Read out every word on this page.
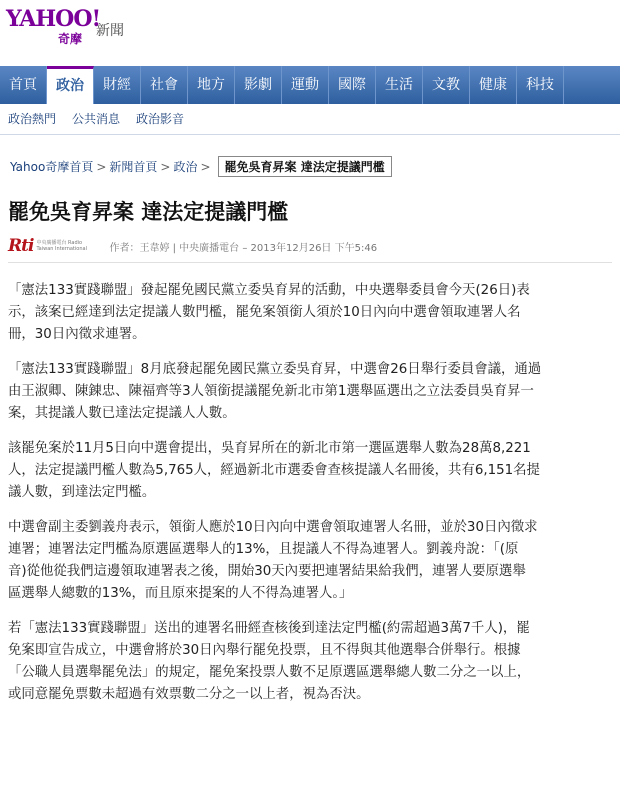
YAHOO!
奇摩 新聞
首頁	政治	財經	社會	地方	影劇	運動	國際	生活	文教	健康	科技
政治熱門	公共消息	政治影音
Yahoo奇摩首頁 > 新聞首頁 > 政治 >	罷免吳育昇案 達法定提議門檻
罷免吳育昇案 達法定提議門檻
Rti 中央廣播電台 Radio Taiwan International	作者：王韋婷 | 中央廣播電台 – 2013年12月26日 下午5:46

「憲法133實踐聯盟」發起罷免國民黨立委吳育昇的活動，中央選舉委員會今天(26日)表
示，該案已經達到法定提議人數門檻，罷免案領銜人須於10日內向中選會領取連署人名
冊，30日內徵求連署。

「憲法133實踐聯盟」8月底發起罷免國民黨立委吳育昇，中選會26日舉行委員會議，通過
由王淑卿、陳錬忠、陳福齊等3人領銜提議罷免新北市第1選舉區選出之立法委員吳育昇一
案，其提議人數已達法定提議人人數。

該罷免案於11月5日向中選會提出，吳育昇所在的新北市第一選區選舉人數為28萬8,221
人，法定提議門檻人數為5,765人，經過新北市選委會查核提議人名冊後，共有6,151名提
議人數，到達法定門檻。

中選會副主委劉義舟表示，領銜人應於10日內向中選會領取連署人名冊，並於30日內徵求
連署；連署法定門檻為原選區選舉人的13%，且提議人不得為連署人。劉義舟說：「(原
音)從他從我們這邊領取連署表之後，開始30天內要把連署結果給我們，連署人要原選舉
區選舉人總數的13%，而且原來提案的人不得為連署人。」

若「憲法133實踐聯盟」送出的連署名冊經查核後到達法定門檻(約需超過3萬7千人)，罷
免案即宣告成立，中選會將於30日內舉行罷免投票，且不得與其他選舉合併舉行。根據
「公職人員選舉罷免法」的規定，罷免案投票人數不足原選區選舉總人數二分之一以上，
或同意罷免票數未超過有效票數二分之一以上者，視為否決。
